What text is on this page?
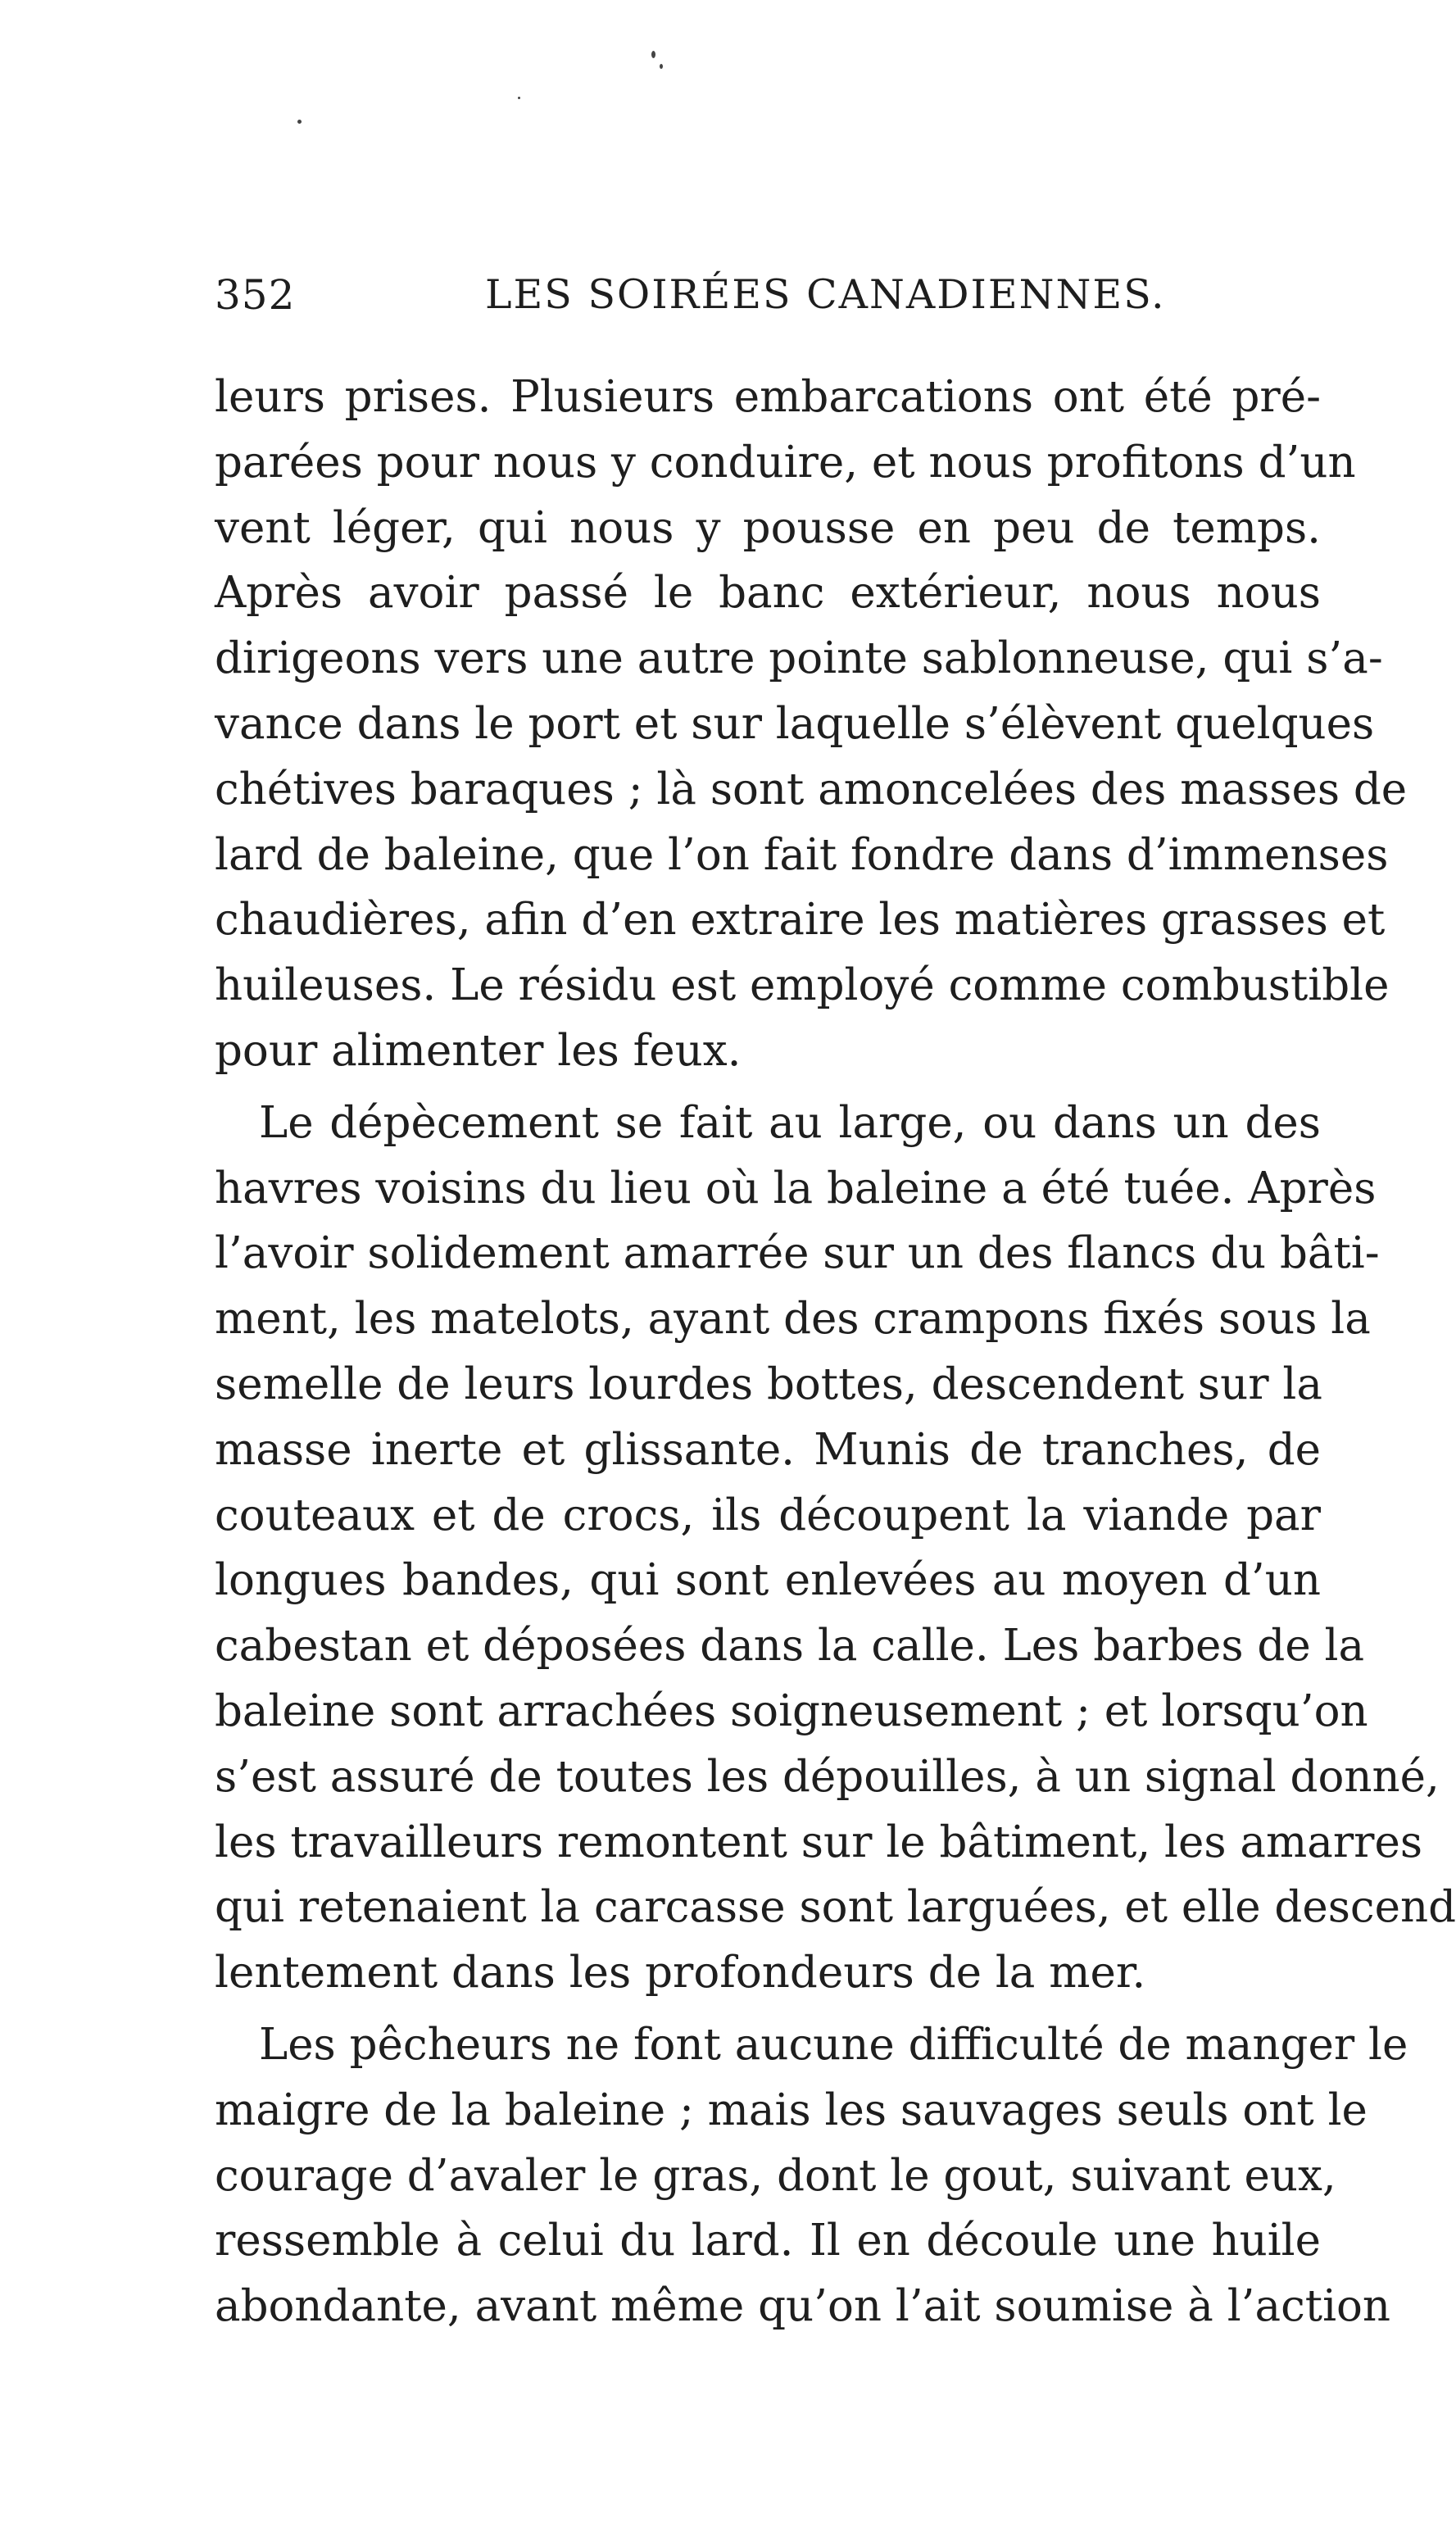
352	LES SOIRÉES CANADIENNES.
leurs prises. Plusieurs embarcations ont été pré-
parées pour nous y conduire, et nous profitons d’un
vent léger, qui nous y pousse en peu de temps.
Après avoir passé le banc extérieur, nous nous
dirigeons vers une autre pointe sablonneuse, qui s’a-
vance dans le port et sur laquelle s’élèvent quelques
chétives baraques ; là sont amoncelées des masses de
lard de baleine, que l’on fait fondre dans d’immenses
chaudières, afin d’en extraire les matières grasses et
huileuses. Le résidu est employé comme combustible
pour alimenter les feux.
Le dépècement se fait au large, ou dans un des
havres voisins du lieu où la baleine a été tuée. Après
l’avoir solidement amarrée sur un des flancs du bâti-
ment, les matelots, ayant des crampons fixés sous la
semelle de leurs lourdes bottes, descendent sur la
masse inerte et glissante. Munis de tranches, de
couteaux et de crocs, ils découpent la viande par
longues bandes, qui sont enlevées au moyen d’un
cabestan et déposées dans la calle. Les barbes de la
baleine sont arrachées soigneusement ; et lorsqu’on
s’est assuré de toutes les dépouilles, à un signal donné,
les travailleurs remontent sur le bâtiment, les amarres
qui retenaient la carcasse sont larguées, et elle descend
lentement dans les profondeurs de la mer.
Les pêcheurs ne font aucune difficulté de manger le
maigre de la baleine ; mais les sauvages seuls ont le
courage d’avaler le gras, dont le gout, suivant eux,
ressemble à celui du lard. Il en découle une huile
abondante, avant même qu’on l’ait soumise à l’action
